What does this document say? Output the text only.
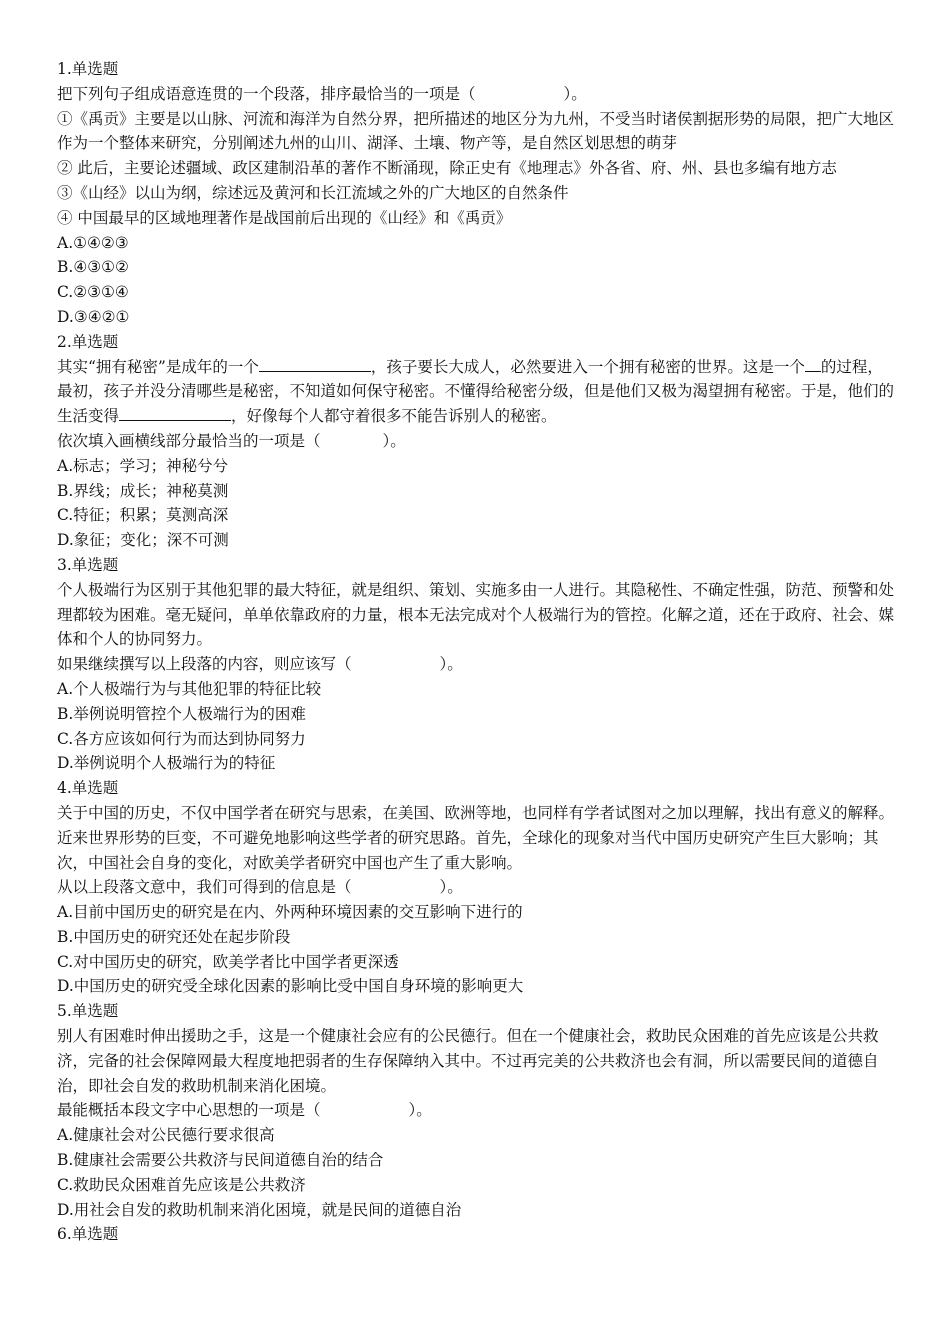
1.单选题
把下列句子组成语意连贯的一个段落，排序最恰当的一项是（	）。
①《禹贡》主要是以山脉、河流和海洋为自然分界，把所描述的地区分为九州，不受当时诸侯割据形势的局限，把广大地区作为一个整体来研究，分别阐述九州的山川、湖泽、土壤、物产等，是自然区划思想的萌芽
② 此后，主要论述疆域、政区建制沿革的著作不断涌现，除正史有《地理志》外各省、府、州、县也多编有地方志
③《山经》以山为纲，综述远及黄河和长江流域之外的广大地区的自然条件
④ 中国最早的区域地理著作是战国前后出现的《山经》和《禹贡》
A.①④②③
B.④③①②
C.②③①④
D.③④②①
2.单选题
其实“拥有秘密”是成年的一个	，孩子要长大成人，必然要进入一个拥有秘密的世界。这是一个 的过程，最初，孩子并没分清哪些是秘密，不知道如何保守秘密。不懂得给秘密分级，但是他们又极为渴望拥有秘密。于是，他们的生活变得	，好像每个人都守着很多不能告诉别人的秘密。
依次填入画横线部分最恰当的一项是（	）。
A.标志；学习；神秘兮兮
B.界线；成长；神秘莫测
C.特征；积累；莫测高深
D.象征；变化；深不可测
3.单选题
个人极端行为区别于其他犯罪的最大特征，就是组织、策划、实施多由一人进行。其隐秘性、不确定性强，防范、预警和处理都较为困难。毫无疑问，单单依靠政府的力量，根本无法完成对个人极端行为的管控。化解之道，还在于政府、社会、媒体和个人的协同努力。
如果继续撰写以上段落的内容，则应该写（	）。
A.个人极端行为与其他犯罪的特征比较
B.举例说明管控个人极端行为的困难
C.各方应该如何行为而达到协同努力
D.举例说明个人极端行为的特征
4.单选题
关于中国的历史，不仅中国学者在研究与思索，在美国、欧洲等地，也同样有学者试图对之加以理解，找出有意义的解释。近来世界形势的巨变，不可避免地影响这些学者的研究思路。首先，全球化的现象对当代中国历史研究产生巨大影响；其次，中国社会自身的变化，对欧美学者研究中国也产生了重大影响。
从以上段落文意中，我们可得到的信息是（	）。
A.目前中国历史的研究是在内、外两种环境因素的交互影响下进行的
B.中国历史的研究还处在起步阶段
C.对中国历史的研究，欧美学者比中国学者更深透
D.中国历史的研究受全球化因素的影响比受中国自身环境的影响更大
5.单选题
别人有困难时伸出援助之手，这是一个健康社会应有的公民德行。但在一个健康社会，救助民众困难的首先应该是公共救济，完备的社会保障网最大程度地把弱者的生存保障纳入其中。不过再完美的公共救济也会有洞，所以需要民间的道德自治，即社会自发的救助机制来消化困境。
最能概括本段文字中心思想的一项是（	）。
A.健康社会对公民德行要求很高
B.健康社会需要公共救济与民间道德自治的结合
C.救助民众困难首先应该是公共救济
D.用社会自发的救助机制来消化困境，就是民间的道德自治
6.单选题
